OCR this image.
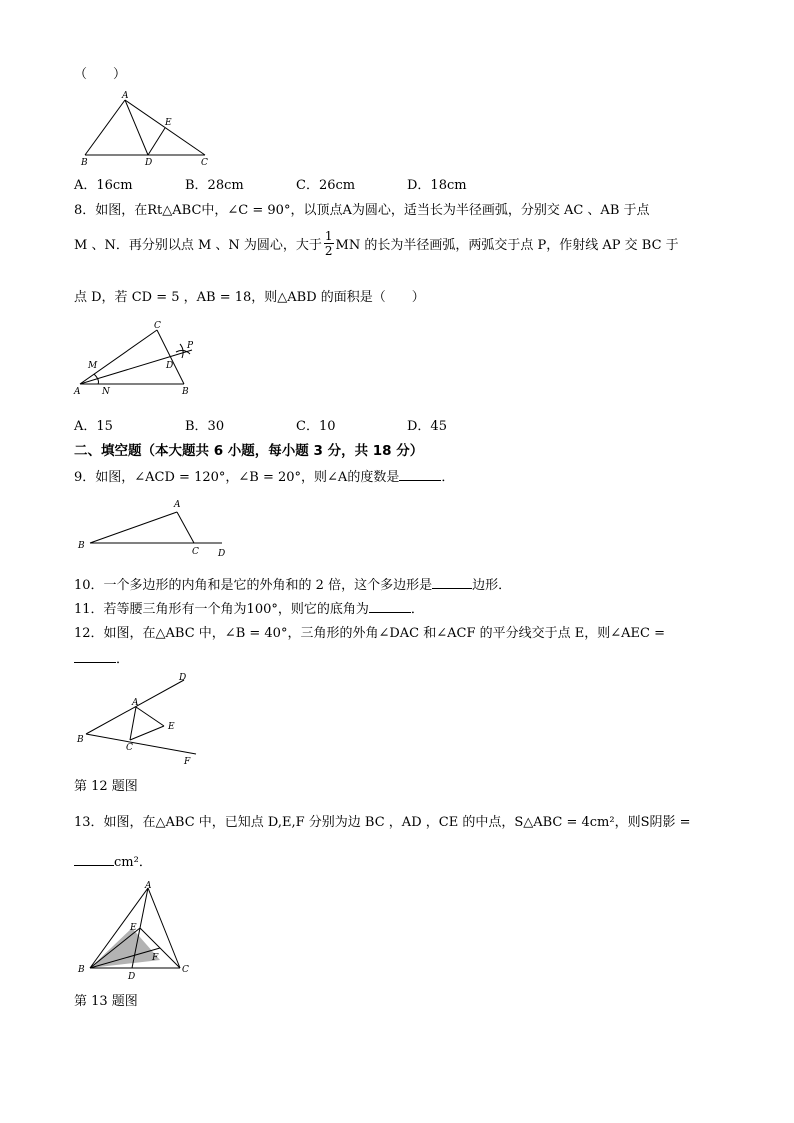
（　　）
A
E
B	D	C
A．16cm	B．28cm	C．26cm	D．18cm
8．如图，在Rt△ABC中，∠C = 90°，以顶点A为圆心，适当长为半径画弧，分别交 AC 、AB 于点
M 、N．再分别以点 M 、N 为圆心，大于 $\frac{1}{2}$ MN 的长为半径画弧，两弧交于点 P，作射线 AP 交 BC 于
点 D，若 CD = 5 ，AB = 18，则△ABD 的面积是（　　）
C
M	D
P
A N	B
A．15	B．30	C．10	D．45
二、填空题（本大题共 6 小题，每小题 3 分，共 18 分）
9．如图，∠ACD = 120°，∠B = 20°，则∠A的度数是	．
A
B
C D
10．一个多边形的内角和是它的外角和的 2 倍，这个多边形是	边形．
11．若等腰三角形有一个角为100°，则它的底角为	．
12．如图，在△ABC 中，∠B = 40°，三角形的外角∠DAC 和∠ACF 的平分线交于点 E，则∠AEC =
．
A
D
E
B
C
F
第 12 题图
13．如图，在△ABC 中，已知点 D,E,F 分别为边 BC ，AD ，CE 的中点，S△ABC = 4cm²，则S阴影 =
cm²．
A
E
F
B	C
D
第 13 题图
